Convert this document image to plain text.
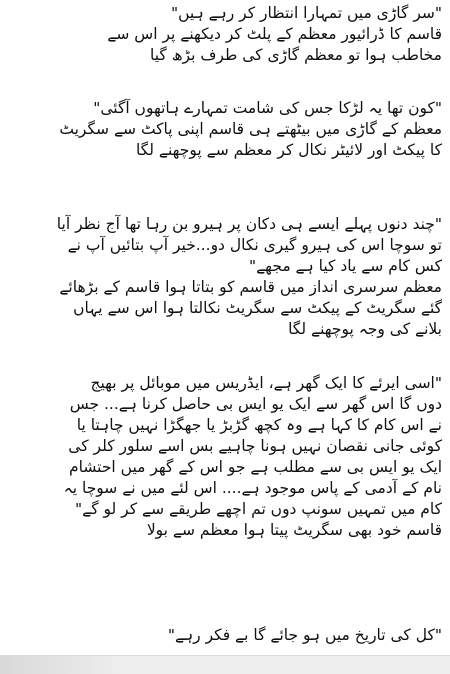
"سر گاڑی میں تمہارا انتظار کر رہے ہیں"
قاسم کا ڈرائیور معظم کے پلٹ کر دیکھنے پر اس سے
مخاطب ہوا تو معظم گاڑی کی طرف بڑھ گیا
"کون تھا یہ لڑکا جس کی شامت تمہارے ہاتھوں آگئی"
معظم کے گاڑی میں بیٹھتے ہی قاسم اپنی پاکٹ سے سگریٹ
کا پیکٹ اور لائیٹر نکال کر معظم سے پوچھنے لگا
"چند دنوں پہلے ایسے ہی دکان پر ہیرو بن رہا تھا آج نظر آیا
تو سوچا اس کی ہیرو گیری نکال دو...خیر آپ بتائیں آپ نے
کس کام سے یاد کیا ہے مجھے"
معظم سرسری انداز میں قاسم کو بتاتا ہوا قاسم کے بڑھائے
گئے سگریٹ کے پیکٹ سے سگریٹ نکالتا ہوا اس سے یہاں
بلانے کی وجہ پوچھنے لگا
"اسی ایرئے کا ایک گھر ہے، ایڈریس میں موبائل پر بھیج
دوں گا اس گھر سے ایک یو ایس بی حاصل کرنا ہے... جس
نے اس کام کا کہا ہے وہ کچھ گڑبڑ یا جھگڑا نہیں چاہتا یا
کوئی جانی نقصان نہیں ہونا چاہیے بس اسے سلور کلر کی
ایک یو ایس بی سے مطلب ہے جو اس کے گھر میں احتشام
نام کے آدمی کے پاس موجود ہے.... اس لئے میں نے سوچا یہ
کام میں تمہیں سونپ دوں تم اچھے طریقے سے کر لو گے"
قاسم خود بھی سگریٹ پیتا ہوا معظم سے بولا
"کل کی تاریخ میں ہو جائے گا بے فکر رہے"
